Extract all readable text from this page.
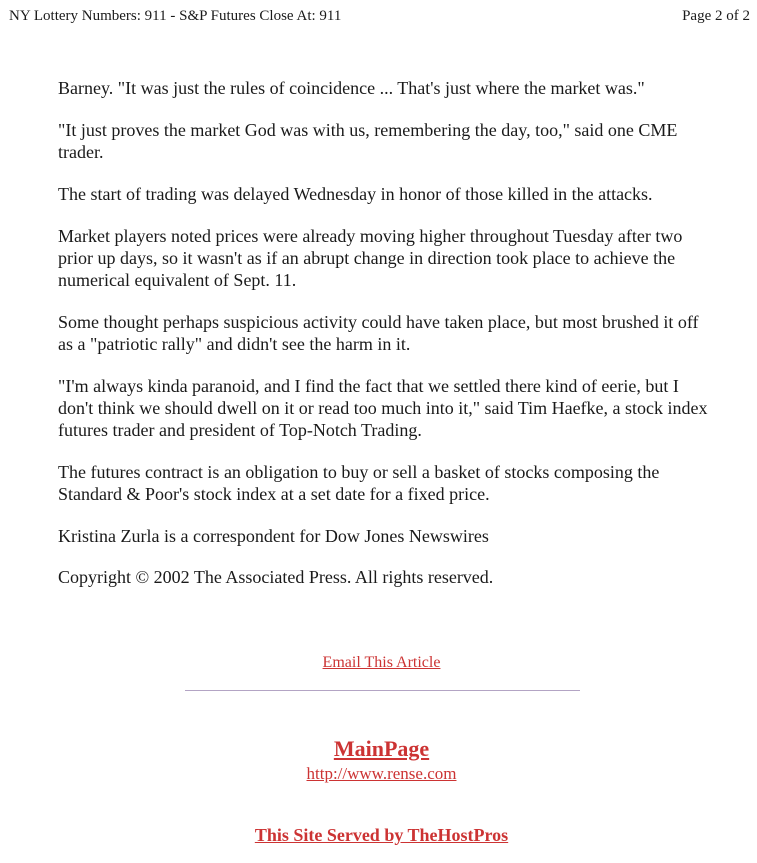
NY Lottery Numbers: 911 - S&P Futures Close At: 911	Page 2 of 2

Barney. "It was just the rules of coincidence ... That's just where the market was."

"It just proves the market God was with us, remembering the day, too," said one CME trader.

The start of trading was delayed Wednesday in honor of those killed in the attacks.

Market players noted prices were already moving higher throughout Tuesday after two prior up days, so it wasn't as if an abrupt change in direction took place to achieve the numerical equivalent of Sept. 11.

Some thought perhaps suspicious activity could have taken place, but most brushed it off as a "patriotic rally" and didn't see the harm in it.

"I'm always kinda paranoid, and I find the fact that we settled there kind of eerie, but I don't think we should dwell on it or read too much into it," said Tim Haefke, a stock index futures trader and president of Top-Notch Trading.

The futures contract is an obligation to buy or sell a basket of stocks composing the Standard & Poor's stock index at a set date for a fixed price.

Kristina Zurla is a correspondent for Dow Jones Newswires

Copyright © 2002 The Associated Press. All rights reserved.

Email This Article
MainPage
http://www.rense.com
This Site Served by TheHostPros
